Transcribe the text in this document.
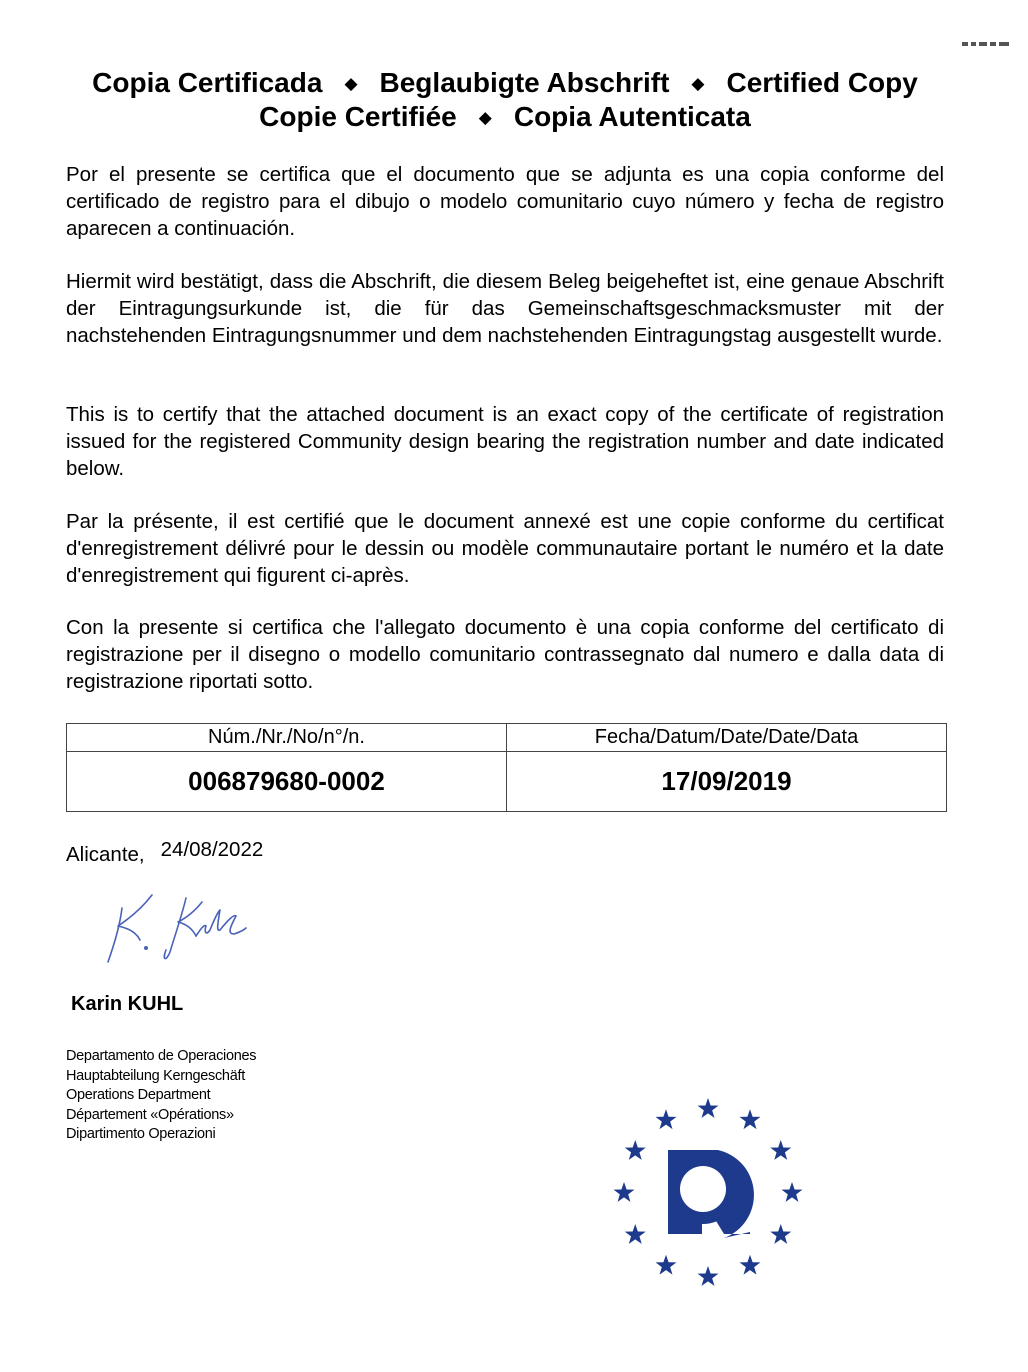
Copia Certificada ◆ Beglaubigte Abschrift ◆ Certified Copy
Copie Certifiée ◆ Copia Autenticata

Por el presente se certifica que el documento que se adjunta es una copia conforme del certificado de registro para el dibujo o modelo comunitario cuyo número y fecha de registro aparecen a continuación.

Hiermit wird bestätigt, dass die Abschrift, die diesem Beleg beigeheftet ist, eine genaue Abschrift der Eintragungsurkunde ist, die für das Gemeinschaftsgeschmacksmuster mit der nachstehenden Eintragungsnummer und dem nachstehenden Eintragungstag ausgestellt wurde.

This is to certify that the attached document is an exact copy of the certificate of registration issued for the registered Community design bearing the registration number and date indicated below.

Par la présente, il est certifié que le document annexé est une copie conforme du certificat d'enregistrement délivré pour le dessin ou modèle communautaire portant le numéro et la date d'enregistrement qui figurent ci-après.

Con la presente si certifica che l'allegato documento è una copia conforme del certificato di registrazione per il disegno o modello comunitario contrassegnato dal numero e dalla data di registrazione riportati sotto.

Núm./Nr./No/n°/n.	Fecha/Datum/Date/Date/Data
006879680-0002	17/09/2019
Alicante, 24/08/2022
Karin KUHL
Departamento de Operaciones
Hauptabteilung Kerngeschäft
Operations Department
Département «Opérations»
Dipartimento Operazioni
